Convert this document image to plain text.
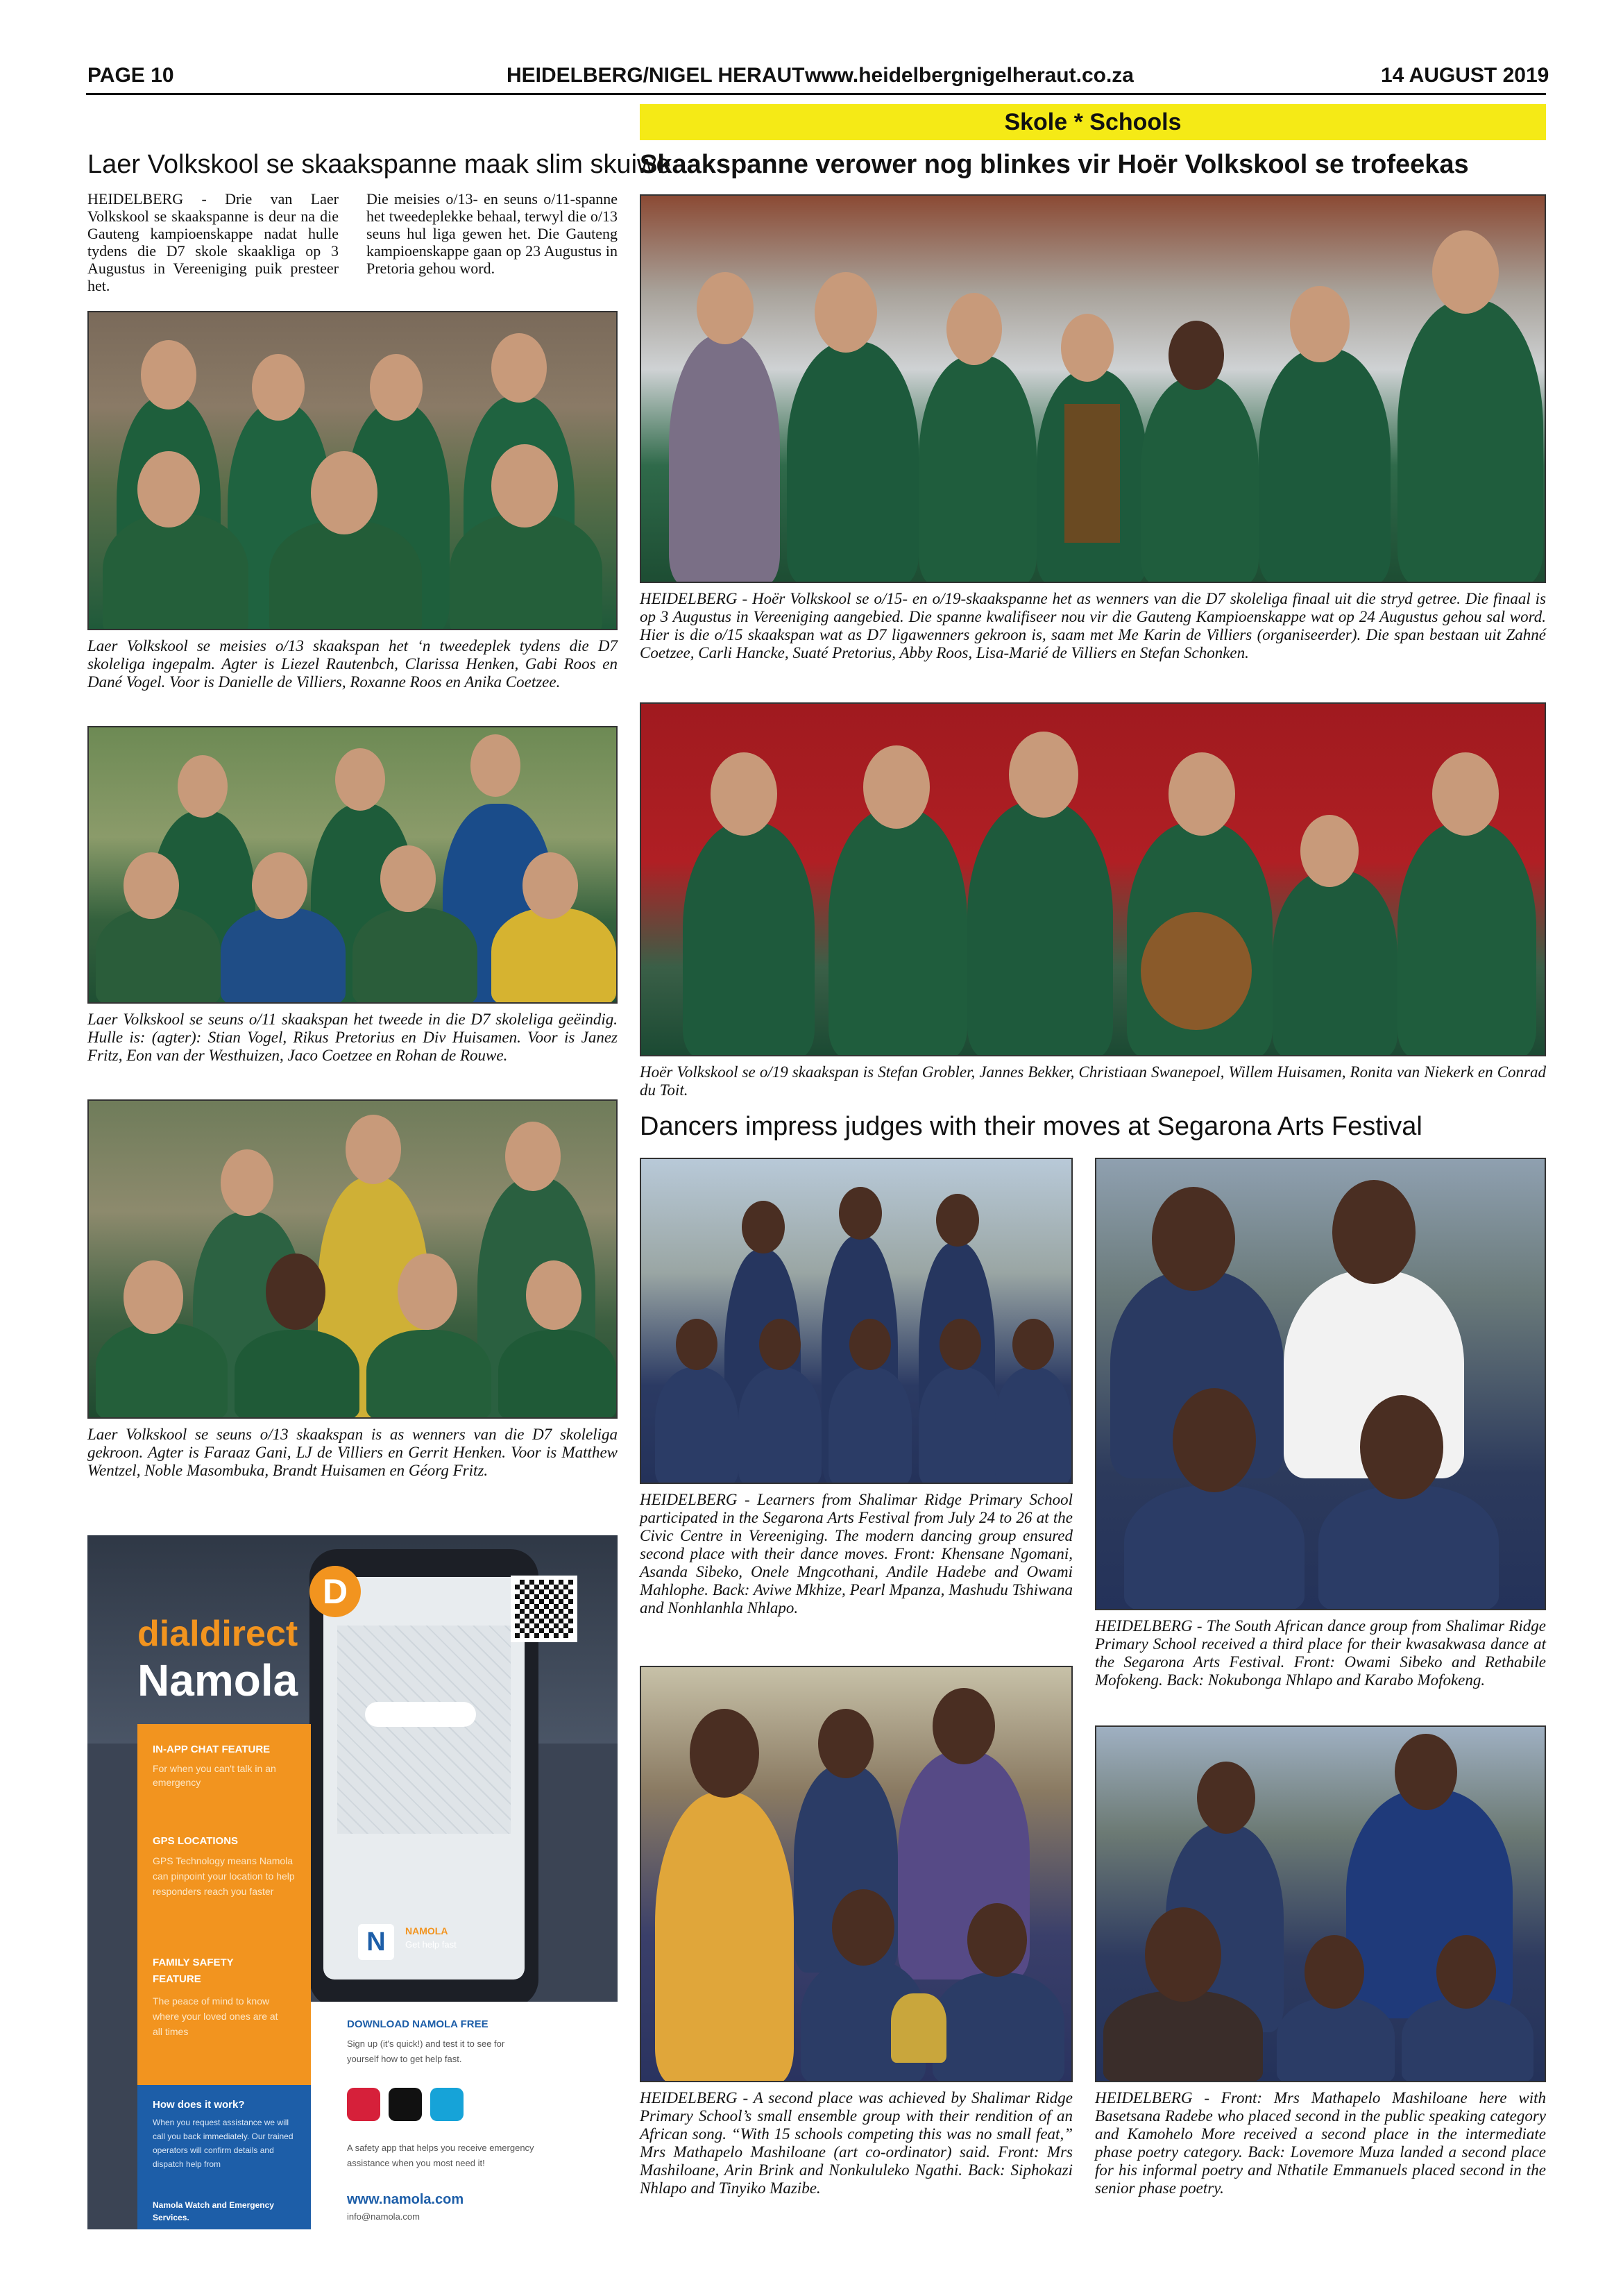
PAGE 10	HEIDELBERG/NIGEL HERAUT www.heidelbergnigelheraut.co.za	14 AUGUST 2019
Skole * Schools
Laer Volkskool se skaakspanne maak slim skuiwe
HEIDELBERG - Drie van Laer Volkskool se skaakspanne is deur na die Gauteng kampioenskappe nadat hulle tydens die D7 skole skaakliga op 3 Augustus in Vereeniging puik presteer het.
Die meisies o/13- en seuns o/11-spanne het tweedeplekke behaal, terwyl die o/13 seuns hul liga gewen het. Die Gauteng kampioenskappe gaan op 23 Augustus in Pretoria gehou word.
Laer Volkskool se meisies o/13 skaakspan het ‘n tweedeplek tydens die D7 skoleliga ingepalm. Agter is Liezel Rautenbch, Clarissa Henken, Gabi Roos en Dané Vogel. Voor is Danielle de Villiers, Roxanne Roos en Anika Coetzee.
Laer Volkskool se seuns o/11 skaakspan het tweede in die D7 skoleliga geëindig. Hulle is: (agter): Stian Vogel, Rikus Pretorius en Div Huisamen. Voor is Janez Fritz, Eon van der Westhuizen, Jaco Coetzee en Rohan de Rouwe.
Laer Volkskool se seuns o/13 skaakspan is as wenners van die D7 skoleliga gekroon. Agter is Faraaz Gani, LJ de Villiers en Gerrit Henken. Voor is Matthew Wentzel, Noble Masombuka, Brandt Huisamen en Géorg Fritz.
Skaakspanne verower nog blinkes vir Hoër Volkskool se trofeekas
HEIDELBERG - Hoër Volkskool se o/15- en o/19-skaakspanne het as wenners van die D7 skoleliga finaal uit die stryd getree. Die finaal is op 3 Augustus in Vereeniging aangebied. Die spanne kwalifiseer nou vir die Gauteng Kampioenskappe wat op 24 Augustus gehou sal word. Hier is die o/15 skaakspan wat as D7 ligawenners gekroon is, saam met Me Karin de Villiers (organiseerder). Die span bestaan uit Zahné Coetzee, Carli Hancke, Suaté Pretorius, Abby Roos, Lisa-Marié de Villiers en Stefan Schonken.
Hoër Volkskool se o/19 skaakspan is Stefan Grobler, Jannes Bekker, Christiaan Swanepoel, Willem Huisamen, Ronita van Niekerk en Conrad du Toit.
Dancers impress judges with their moves at Segarona Arts Festival
HEIDELBERG - Learners from Shalimar Ridge Primary School participated in the Segarona Arts Festival from July 24 to 26 at the Civic Centre in Vereeniging. The modern dancing group ensured second place with their dance moves. Front: Khensane Ngomani, Asanda Sibeko, Onele Mngcothani, Andile Hadebe and Owami Mahlophe. Back: Aviwe Mkhize, Pearl Mpanza, Mashudu Tshiwana and Nonhlanhla Nhlapo.
HEIDELBERG - The South African dance group from Shalimar Ridge Primary School received a third place for their kwasakwasa dance at the Segarona Arts Festival. Front: Owami Sibeko and Rethabile Mofokeng. Back: Nokubonga Nhlapo and Karabo Mofokeng.
HEIDELBERG - A second place was achieved by Shalimar Ridge Primary School’s small ensemble group with their rendition of an African song. “With 15 schools competing this was no small feat,” Mrs Mathapelo Mashiloane (art co-ordinator) said. Front: Mrs Mashiloane, Arin Brink and Nonkululeko Ngathi. Back: Siphokazi Nhlapo and Tinyiko Mazibe.
HEIDELBERG - Front: Mrs Mathapelo Mashiloane here with Basetsana Radebe who placed second in the public speaking category and Kamohelo More received a second place in the intermediate phase poetry category. Back: Lovemore Muza landed a second place for his informal poetry and Nthatile Emmanuels placed second in the senior phase poetry.
D
dialdirect
Namola
IN-APP CHAT FEATURE
For when you can't talk in an emergency
GPS LOCATIONS
GPS Technology means Namola can pinpoint your location to help responders reach you faster
FAMILY SAFETY FEATURE
The peace of mind to know where your loved ones are at all times
How does it work?
When you request assistance we will call you back immediately. Our trained operators will confirm details and dispatch help from
Namola Watch and Emergency Services.
N	NAMOLA
Get help fast
DOWNLOAD NAMOLA FREE
Sign up (it's quick!) and test it to see for yourself how to get help fast.
A safety app that helps you receive emergency assistance when you most need it!
www.namola.com
info@namola.com
